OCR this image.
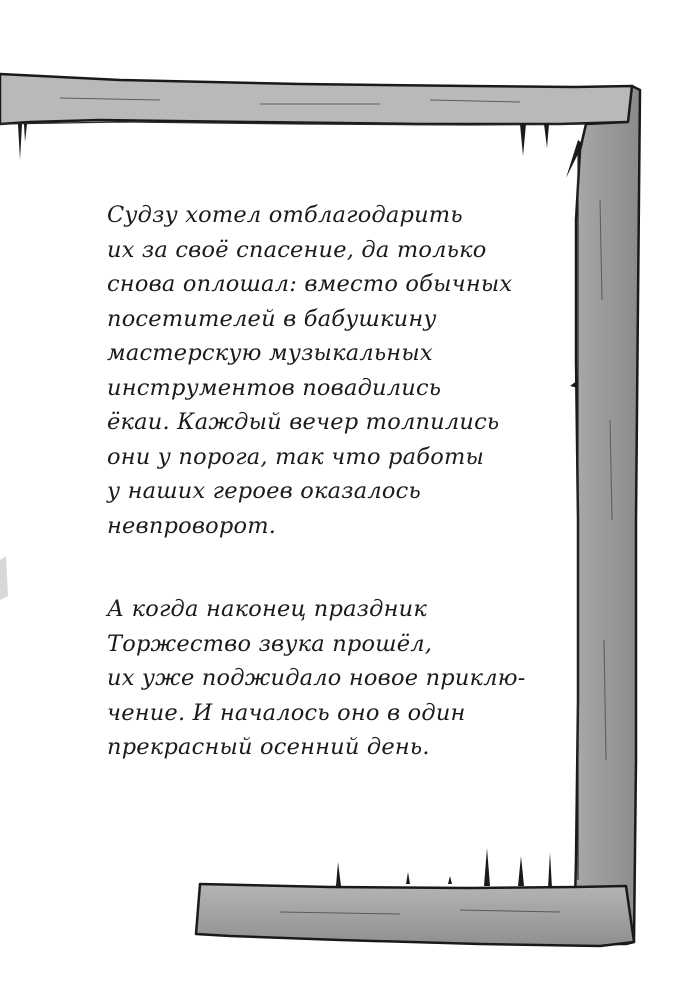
Судзу хотел отблагодарить
их за своё спасение, да только
снова оплошал: вместо обычных
посетителей в бабушкину
мастерскую музыкальных
инструментов повадились
ёкаи. Каждый вечер толпились
они у порога, так что работы
у наших героев оказалось
невпроворот.
А когда наконец праздник
Торжество звука прошёл,
их уже поджидало новое приклю-
чение. И началось оно в один
прекрасный осенний день.
